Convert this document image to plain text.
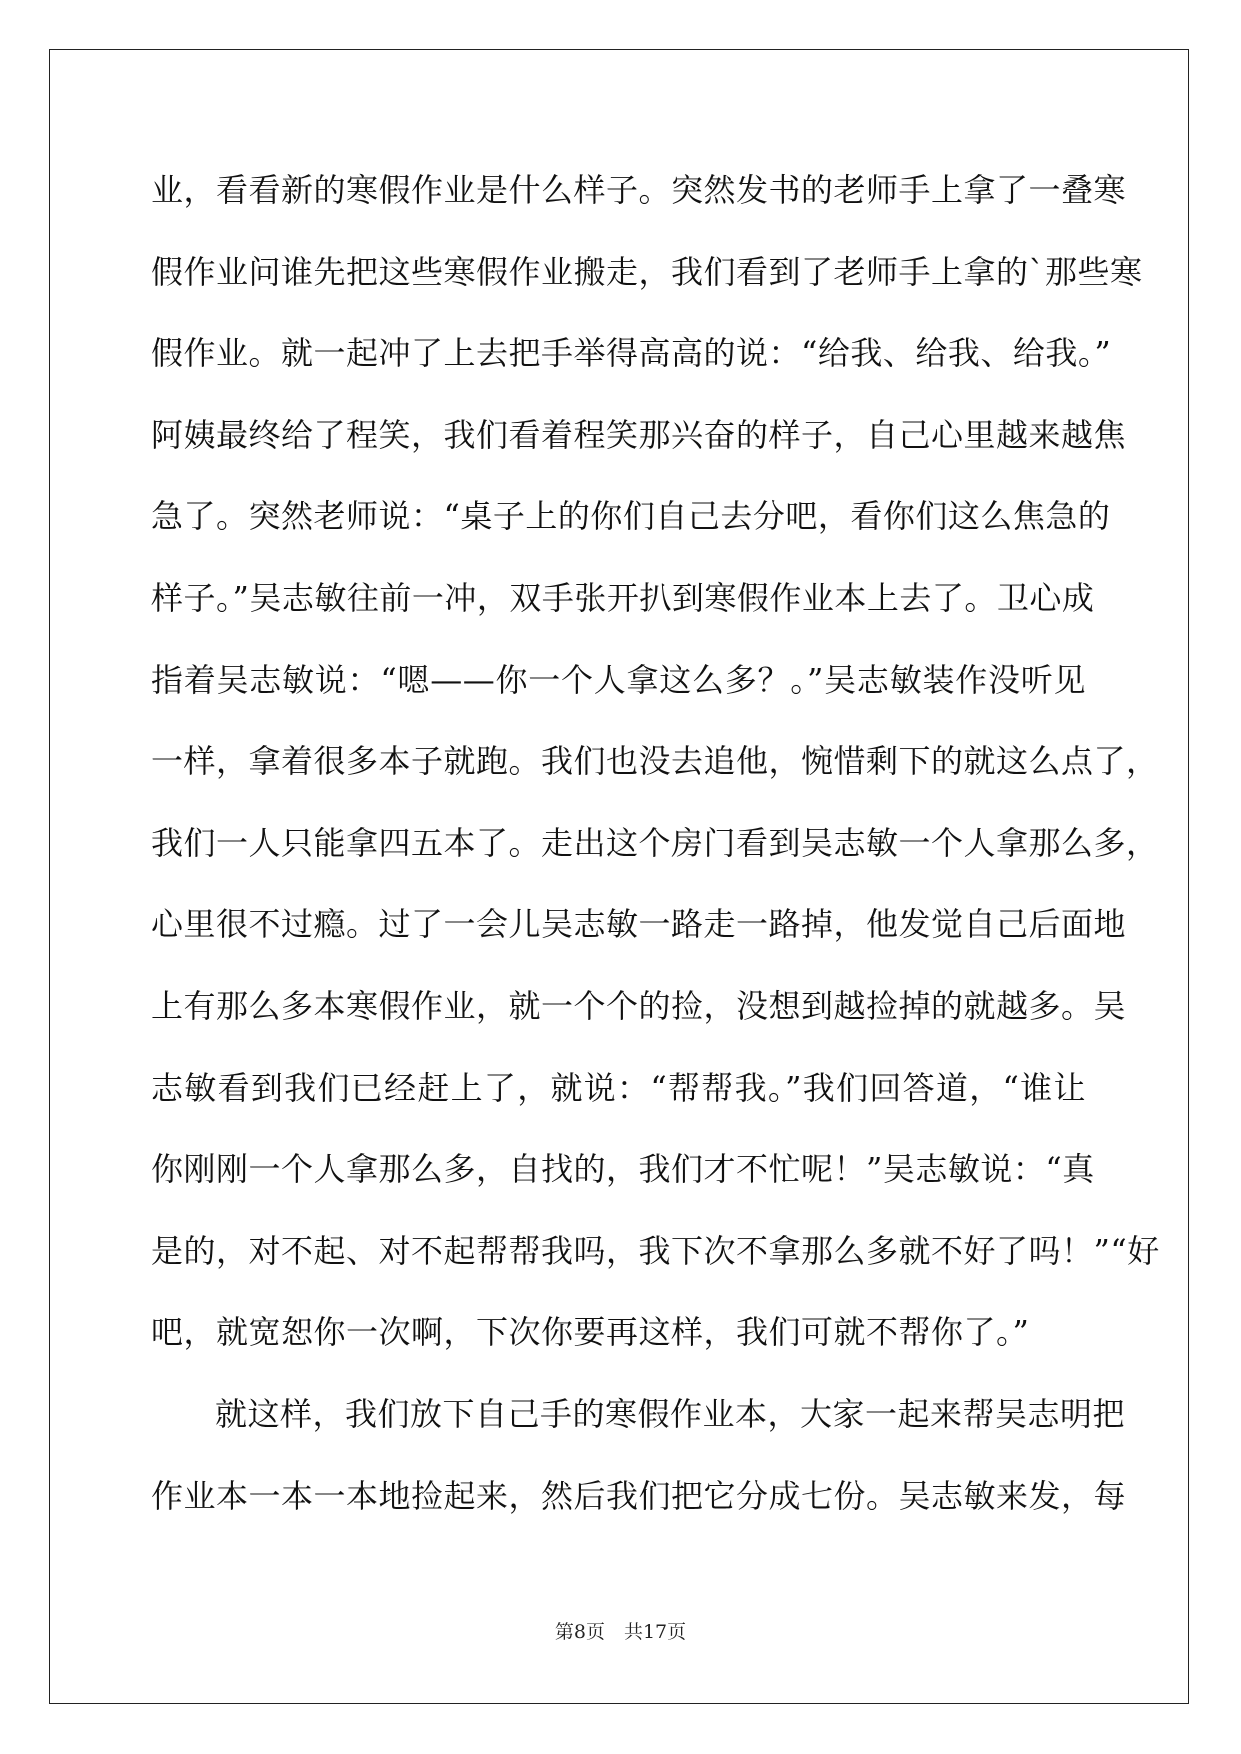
业，看看新的寒假作业是什么样子。突然发书的老师手上拿了一叠寒
假作业问谁先把这些寒假作业搬走，我们看到了老师手上拿的`那些寒
假作业。就一起冲了上去把手举得高高的说：“给我、给我、给我。”
阿姨最终给了程笑，我们看着程笑那兴奋的样子，自己心里越来越焦
急了。突然老师说：“桌子上的你们自己去分吧，看你们这么焦急的
样子。”吴志敏往前一冲，双手张开扒到寒假作业本上去了。卫心成
指着吴志敏说：“嗯——你一个人拿这么多？。”吴志敏装作没听见
一样，拿着很多本子就跑。我们也没去追他，惋惜剩下的就这么点了，
我们一人只能拿四五本了。走出这个房门看到吴志敏一个人拿那么多，
心里很不过瘾。过了一会儿吴志敏一路走一路掉，他发觉自己后面地
上有那么多本寒假作业，就一个个的捡，没想到越捡掉的就越多。吴
志敏看到我们已经赶上了，就说：“帮帮我。”我们回答道，“谁让
你刚刚一个人拿那么多，自找的，我们才不忙呢！”吴志敏说：“真
是的，对不起、对不起帮帮我吗，我下次不拿那么多就不好了吗！”“好
吧，就宽恕你一次啊，下次你要再这样，我们可就不帮你了。”
就这样，我们放下自己手的寒假作业本，大家一起来帮吴志明把
作业本一本一本地捡起来，然后我们把它分成七份。吴志敏来发，每
第8页　共17页
